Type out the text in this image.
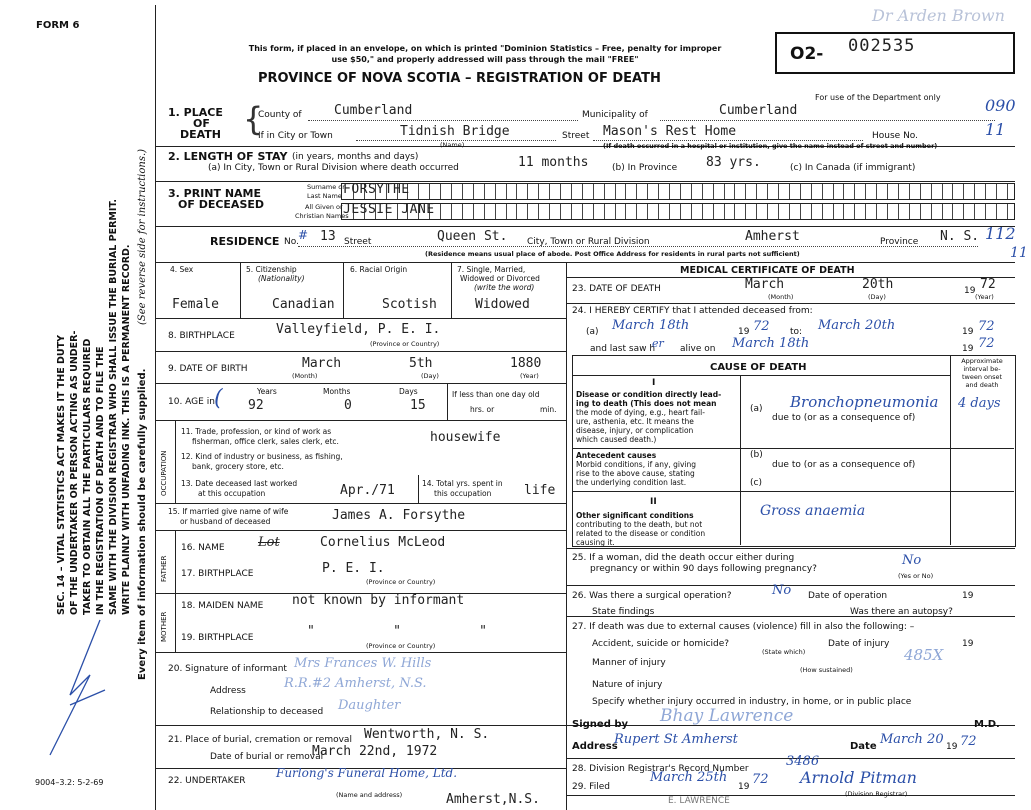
FORM 6
This form, if placed in an envelope, on which is printed "Dominion Statistics – Free, penalty for improper
use $50," and properly addressed will pass through the mail "FREE"
PROVINCE OF NOVA SCOTIA – REGISTRATION OF DEATH
O2- 002535
For use of the Department only
Dr Arden Brown
SEC. 14 – VITAL STATISTICS ACT MAKES IT THE DUTY OF THE UNDERTAKER OR PERSON ACTING AS UNDER- TAKER TO OBTAIN ALL THE PARTICULARS REQUIRED IN THE REGISTRATION OF DEATH AND TO FILE THE SAME WITH THE DIVISION REGISTRAR WHO SHALL ISSUE THE BURIAL PERMIT. WRITE PLAINLY WITH UNFADING INK. THIS IS A PERMANENT RECORD.
(See reverse side for instructions.)
Every item of information should be carefully supplied.
1. PLACE
OF
DEATH {
County of Cumberland	Municipality of	Cumberland	090
If in City or Town	Tidnish Bridge
(Name)
Street Mason's Rest Home	House No.	11
(If death occurred in a hospital or institution, give the name instead of street and number)
2. LENGTH OF STAY (in years, months and days)
(a) In City, Town or Rural Division where death occurred	11 months	(b) In Province 83 yrs.	(c) In Canada (if immigrant)
3. PRINT NAME
OF DECEASED
Surname or
Last Name
All Given or
Christian Names
FORSYTHE
JESSIE JANE
RESIDENCE No. 13
#	Street	Queen St. City, Town or Rural Division	Amherst	Province N. S. 112
11
(Residence means usual place of abode. Post Office Address for residents in rural parts not sufficient)
4. Sex
Female
5. Citizenship
(Nationality)
Canadian
6. Racial Origin
Scotish
7. Single, Married,
Widowed or Divorced
(write the word)
Widowed
8. BIRTHPLACE	Valleyfield, P. E. I.
(Province or Country)
9. DATE OF BIRTH	March	5th	1880
(Month)	(Day)	(Year)
10. AGE in (	Years
92
Months
0
Days
15
If less than one day old
hrs. or	min.
OCCUPATION
11. Trade, profession, or kind of work as
fisherman, office clerk, sales clerk, etc.	housewife
12. Kind of industry or business, as fishing,
bank, grocery store, etc.
13. Date deceased last worked
at this occupation	Apr./71	14. Total yrs. spent in
this occupation	life
15. If married give name of wife
or husband of deceased	James A. Forsythe
FATHER
16. NAME	Lot	Cornelius McLeod
17. BIRTHPLACE	P. E. I.
(Province or Country)
MOTHER
18. MAIDEN NAME not known by informant
19. BIRTHPLACE	"          "          "
(Province or Country)
20. Signature of informant Mrs Frances W. Hills
Address	R.R.#2 Amherst, N.S.
Relationship to deceased Daughter
21. Place of burial, cremation or removal Wentworth, N. S.
Date of burial or removal
March 22nd, 1972
22. UNDERTAKER
Furlong's Funeral Home, Ltd.
(Name and address)	Amherst,N.S.
9004–3.2: 5-2-69
MEDICAL CERTIFICATE OF DEATH
23. DATE OF DEATH	March	20th	19 72
(Month)	(Day)	(Year)
24. I HEREBY CERTIFY that I attended deceased from:
(a) March 18th	19 72 to: March 20th	19 72
and last saw h
er alive on March 18th	19 72
CAUSE OF DEATH
Approximate
interval be-
tween onset
and death
I
Disease or condition directly lead-
ing to death (This does not mean
the mode of dying, e.g., heart fail-
ure, asthenia, etc. It means the
disease, injury, or complication
which caused death.)
(a) Bronchopneumonia 4 days
due to (or as a consequence of)
Antecedent causes
Morbid conditions, if any, giving
rise to the above cause, stating
the underlying condition last.
(b)
due to (or as a consequence of)
(c)
II
Other significant conditions
contributing to the death, but not
related to the disease or condition
causing it.
Gross anaemia
25. If a woman, did the death occur either during
pregnancy or within 90 days following pregnancy?
No
(Yes or No)
26. Was there a surgical operation?	No Date of operation	19
State findings	Was there an autopsy?
27. If death was due to external causes (violence) fill in also the following: –
Accident, suicide or homicide?
(State which)
Date of injury	19
Manner of injury	485X
(How sustained)
Nature of injury
Specify whether injury occurred in industry, in home, or in public place
Signed by Bhay Lawrence	M.D.
Address
Rupert St Amherst	Date March 20 19 72
28. Division Registrar's Record Number	3486
29. Filed
March 25th
19 72 Arnold Pitman
(Division Registrar)
E. LAWRENCE
